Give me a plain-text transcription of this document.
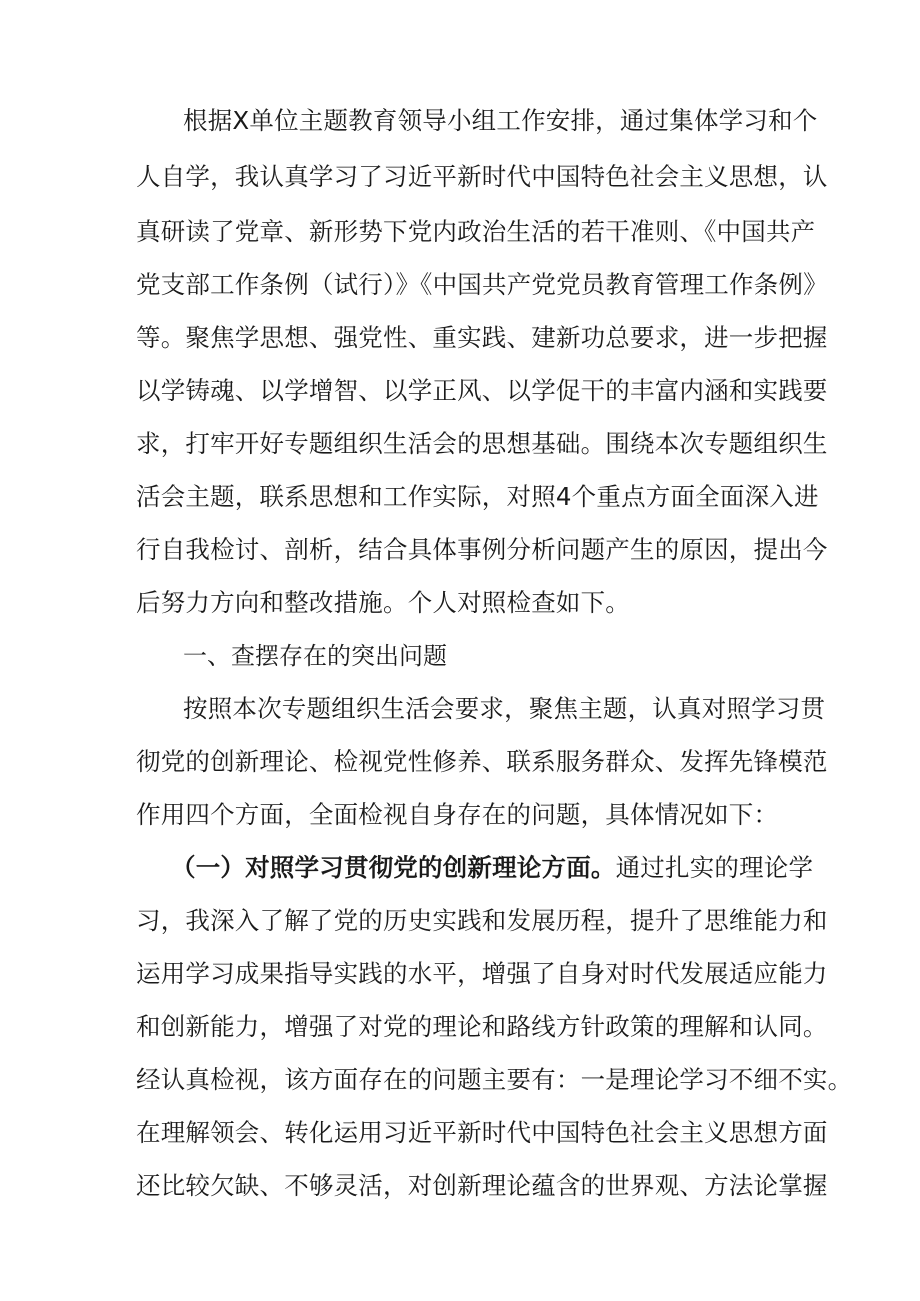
根据X单位主题教育领导小组工作安排，通过集体学习和个
人自学，我认真学习了习近平新时代中国特色社会主义思想，认
真研读了党章、新形势下党内政治生活的若干准则、《中国共产
党支部工作条例（试行）》《中国共产党党员教育管理工作条例》
等。聚焦学思想、强党性、重实践、建新功总要求，进一步把握
以学铸魂、以学增智、以学正风、以学促干的丰富内涵和实践要
求，打牢开好专题组织生活会的思想基础。围绕本次专题组织生
活会主题，联系思想和工作实际，对照4个重点方面全面深入进
行自我检讨、剖析，结合具体事例分析问题产生的原因，提出今
后努力方向和整改措施。个人对照检查如下。
一、查摆存在的突出问题
按照本次专题组织生活会要求，聚焦主题，认真对照学习贯
彻党的创新理论、检视党性修养、联系服务群众、发挥先锋模范
作用四个方面，全面检视自身存在的问题，具体情况如下：
（一）对照学习贯彻党的创新理论方面。通过扎实的理论学
习，我深入了解了党的历史实践和发展历程，提升了思维能力和
运用学习成果指导实践的水平，增强了自身对时代发展适应能力
和创新能力，增强了对党的理论和路线方针政策的理解和认同。
经认真检视，该方面存在的问题主要有：一是理论学习不细不实。
在理解领会、转化运用习近平新时代中国特色社会主义思想方面
还比较欠缺、不够灵活，对创新理论蕴含的世界观、方法论掌握
